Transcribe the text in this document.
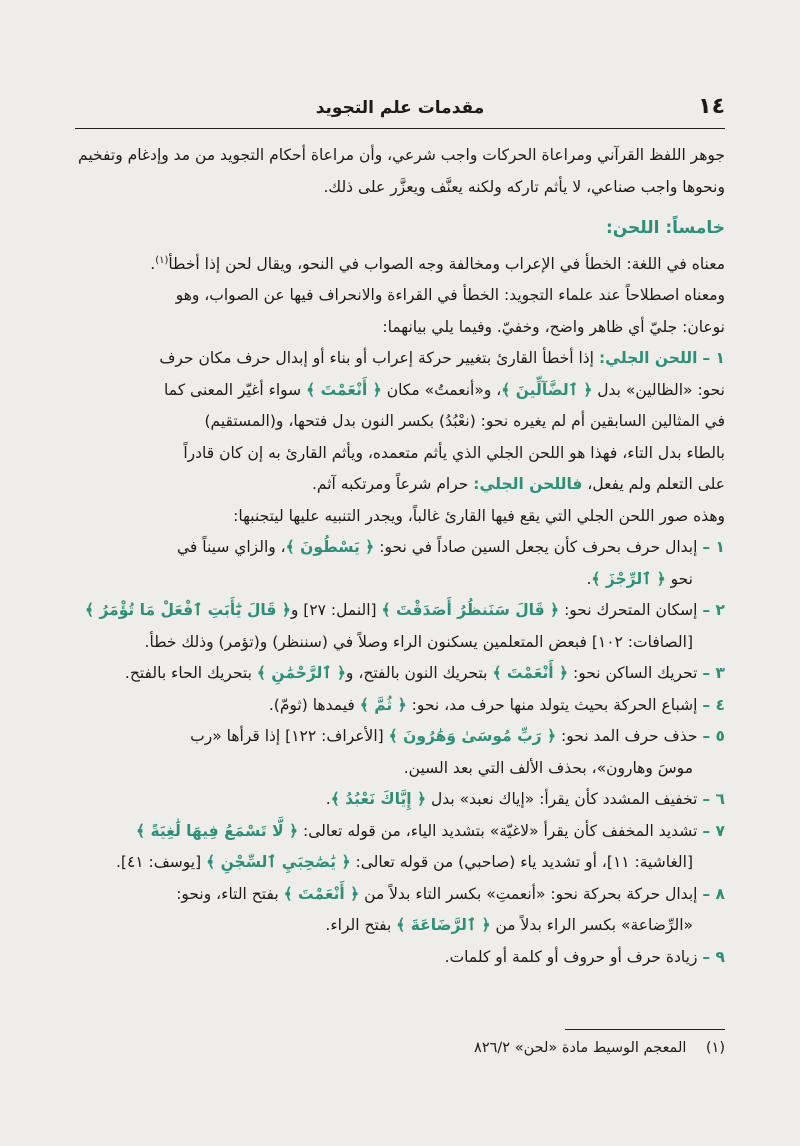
١٤
مقدمات علم التجويد

جوهر اللفظ القرآني ومراعاة الحركات واجب شرعي، وأن مراعاة أحكام التجويد من مد وإدغام وتفخيم

ونحوها واجب صناعي، لا يأثم تاركه ولكنه يعنَّف ويعزَّر على ذلك.

خامساً: اللحن:

معناه في اللغة: الخطأ في الإعراب ومخالفة وجه الصواب في النحو، ويقال لحن إذا أخطأ$^{(١)}$.

ومعناه اصطلاحاً عند علماء التجويد: الخطأ في القراءة والانحراف فيها عن الصواب، وهو

نوعان: جليّ أي ظاهر واضح، وخفيّ. وفيما يلي بيانهما:

١ – اللحن الجلي: إذا أخطأ القارئ بتغيير حركة إعراب أو بناء أو إبدال حرف مكان حرف

نحو: «الظالين» بدل ﴿ ٱلضَّآلِّينَ ﴾، و«أنعمتُ» مكان ﴿ أَنْعَمْتَ ﴾ سواء أغيّر المعنى كما

في المثالين السابقين أم لم يغيره نحو: (نعْبُدُ) بكسر النون بدل فتحها، و(المستقيم)

بالطاء بدل التاء، فهذا هو اللحن الجلي الذي يأثم متعمده، ويأثم القارئ به إن كان قادراً

على التعلم ولم يفعل، فاللحن الجلي: حرام شرعاً ومرتكبه آثم.

وهذه صور اللحن الجلي التي يقع فيها القارئ غالباً، ويجدر التنبيه عليها ليتجنبها:

١ – إبدال حرف بحرف كأن يجعل السين صاداً في نحو: ﴿ يَسْطُونَ ﴾، والزاي سيناً في

نحو ﴿ ٱلرِّجْزَ ﴾.

٢ – إسكان المتحرك نحو: ﴿ قَالَ سَنَنظُرُ أَصَدَقْتَ ﴾ [النمل: ٢٧] و﴿ قَالَ يَٰٓأَبَتِ ٱفْعَلْ مَا تُؤْمَرُ ﴾

[الصافات: ١٠٢] فبعض المتعلمين يسكنون الراء وصلاً في (سننظر) و(تؤمر) وذلك خطأ.

٣ – تحريك الساكن نحو: ﴿ أَنْعَمْتَ ﴾ بتحريك النون بالفتح، و﴿ ٱلرَّحْمَٰنِ ﴾ بتحريك الحاء بالفتح.

٤ – إشباع الحركة بحيث يتولد منها حرف مد، نحو: ﴿ ثُمَّ ﴾ فيمدها (ثومّ).

٥ – حذف حرف المد نحو: ﴿ رَبِّ مُوسَىٰ وَهَٰرُونَ ﴾ [الأعراف: ١٢٢] إذا قرأها «رب

موسَ وهارون»، بحذف الألف التي بعد السين.

٦ – تخفيف المشدد كأن يقرأ: «إياك نعبد» بدل ﴿ إِيَّاكَ نَعْبُدُ ﴾.

٧ – تشديد المخفف كأن يقرأ «لاغيّة» بتشديد الياء، من قوله تعالى: ﴿ لَّا تَسْمَعُ فِيهَا لَٰغِيَةً ﴾

[الغاشية: ١١]، أو تشديد ياء (صاحبي) من قوله تعالى: ﴿ يَٰصَٰحِبَيِ ٱلسِّجْنِ ﴾ [يوسف: ٤١].

٨ – إبدال حركة بحركة نحو: «أنعمتِ» بكسر التاء بدلاً من ﴿ أَنْعَمْتَ ﴾ بفتح التاء، ونحو:

«الرِّضاعة» بكسر الراء بدلاً من ﴿ ٱلرَّضَاعَةَ ﴾ بفتح الراء.

٩ – زيادة حرف أو حروف أو كلمة أو كلمات.

(١) المعجم الوسيط مادة «لحن» ٨٢٦/٢
